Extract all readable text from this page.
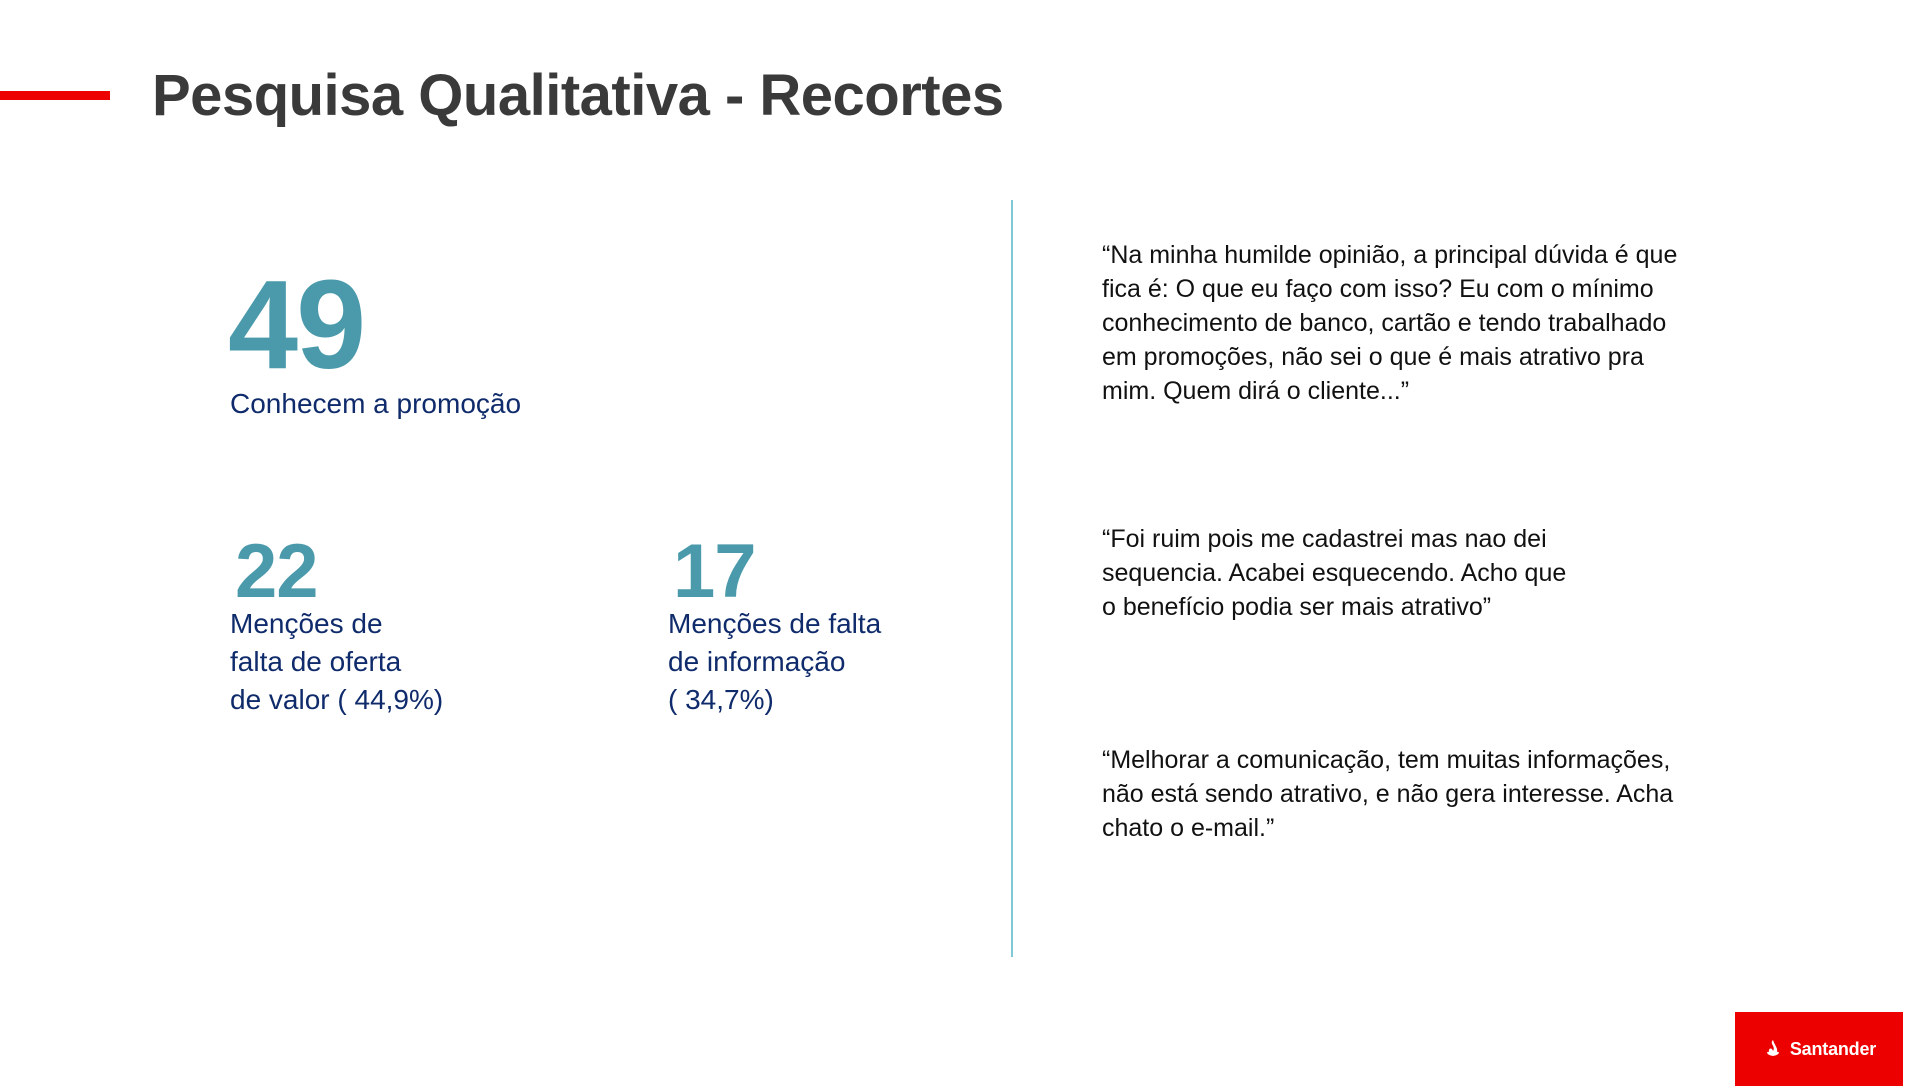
Pesquisa Qualitativa - Recortes

49

Conhecem a promoção

22

Menções de
falta de oferta
de valor ( 44,9%)

17

Menções de falta
de informação
( 34,7%)

“Na minha humilde opinião, a principal dúvida é que
fica é: O que eu faço com isso? Eu com o mínimo
conhecimento de banco, cartão e tendo trabalhado
em promoções, não sei o que é mais atrativo pra
mim. Quem dirá o cliente...”

“Foi ruim pois me cadastrei mas nao dei
sequencia. Acabei esquecendo. Acho que
o benefício podia ser mais atrativo”

“Melhorar a comunicação, tem muitas informações,
não está sendo atrativo, e não gera interesse. Acha
chato o e-mail.”

Santander
